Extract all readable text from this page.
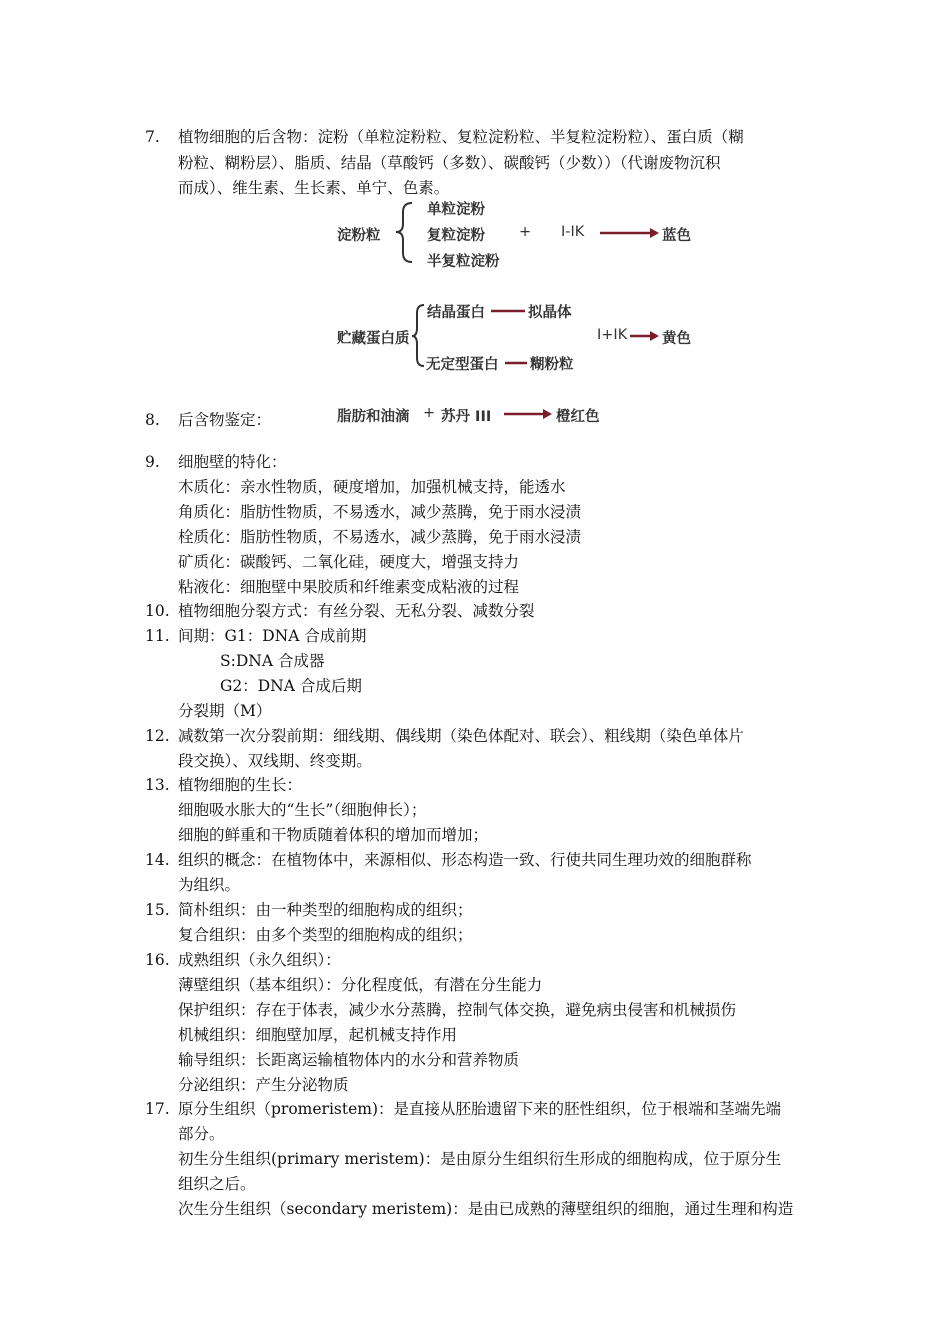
7. 植物细胞的后含物：淀粉（单粒淀粉粒、复粒淀粉粒、半复粒淀粉粒）、蛋白质（糊
粉粒、糊粉层）、脂质、结晶（草酸钙（多数）、碳酸钙（少数））（代谢废物沉积
而成）、维生素、生长素、单宁、色素。
淀粉粒
单粒淀粉
复粒淀粉
半复粒淀粉
+ I-IK	蓝色
贮藏蛋白质
结晶蛋白	拟晶体
无定型蛋白 糊粉粒
I+IK 黄色
脂肪和油滴 + 苏丹 III	橙红色
8. 后含物鉴定：
9. 细胞壁的特化：
木质化：亲水性物质，硬度增加，加强机械支持，能透水
角质化：脂肪性物质，不易透水，减少蒸腾，免于雨水浸渍
栓质化：脂肪性物质，不易透水，减少蒸腾，免于雨水浸渍
矿质化：碳酸钙、二氧化硅，硬度大，增强支持力
粘液化：细胞壁中果胶质和纤维素变成粘液的过程
10. 植物细胞分裂方式：有丝分裂、无私分裂、减数分裂
11. 间期：G1：DNA 合成前期
S:DNA 合成器
G2：DNA 合成后期
分裂期（M）
12. 减数第一次分裂前期：细线期、偶线期（染色体配对、联会）、粗线期（染色单体片
段交换）、双线期、终变期。
13. 植物细胞的生长：
细胞吸水胀大的“生长”（细胞伸长）；
细胞的鲜重和干物质随着体积的增加而增加；
14. 组织的概念：在植物体中，来源相似、形态构造一致、行使共同生理功效的细胞群称
为组织。
15. 简朴组织：由一种类型的细胞构成的组织；
复合组织：由多个类型的细胞构成的组织；
16. 成熟组织（永久组织）：
薄壁组织（基本组织）：分化程度低，有潜在分生能力
保护组织：存在于体表，减少水分蒸腾，控制气体交换，避免病虫侵害和机械损伤
机械组织：细胞壁加厚，起机械支持作用
输导组织：长距离运输植物体内的水分和营养物质
分泌组织：产生分泌物质
17. 原分生组织（promeristem)：是直接从胚胎遗留下来的胚性组织，位于根端和茎端先端
部分。
初生分生组织(primary meristem)：是由原分生组织衍生形成的细胞构成，位于原分生
组织之后。
次生分生组织（secondary meristem)：是由已成熟的薄壁组织的细胞，通过生理和构造
